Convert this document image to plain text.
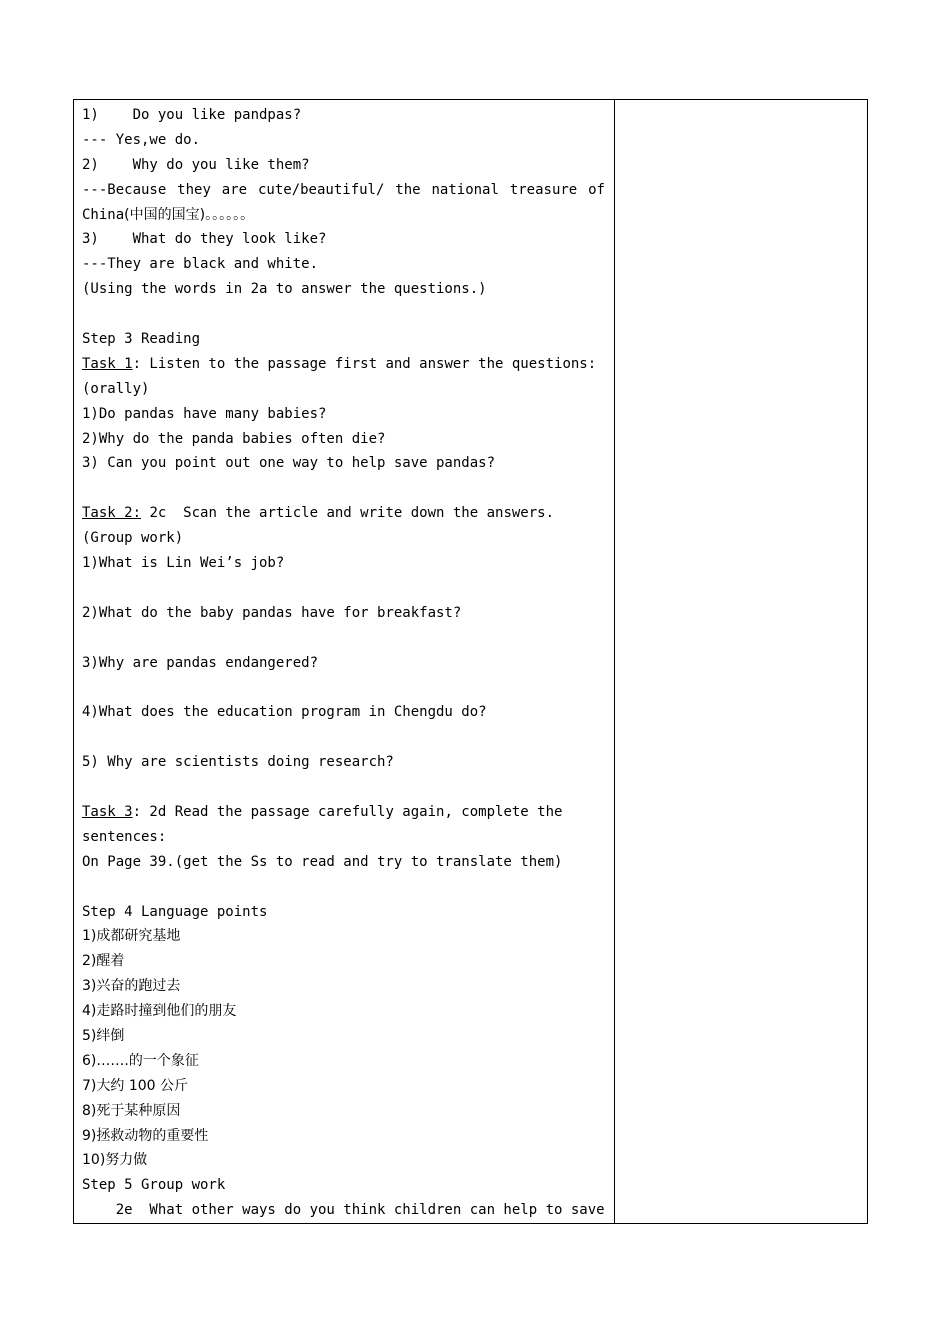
1)    Do you like pandpas?
--- Yes,we do.
2)    Why do you like them?
---Because they are cute/beautiful/ the national treasure of
China(中国的国宝)。。。。。。
3)    What do they look like?
---They are black and white.
(Using the words in 2a to answer the questions.)
Step 3 Reading
Task 1: Listen to the passage first and answer the questions:
(orally)
1)Do pandas have many babies?
2)Why do the panda babies often die?
3) Can you point out one way to help save pandas?
Task 2: 2c  Scan the article and write down the answers.
(Group work)
1)What is Lin Wei’s job?
2)What do the baby pandas have for breakfast?
3)Why are pandas endangered?
4)What does the education program in Chengdu do?
5) Why are scientists doing research?
Task 3: 2d Read the passage carefully again, complete the
sentences:
On Page 39.(get the Ss to read and try to translate them)
Step 4 Language points
1)成都研究基地
2)醒着
3)兴奋的跑过去
4)走路时撞到他们的朋友
5)绊倒
6)…….的一个象征
7)大约 100 公斤
8)死于某种原因
9)拯救动物的重要性
10)努力做
Step 5 Group work
2e  What other ways do you think children can help to save
